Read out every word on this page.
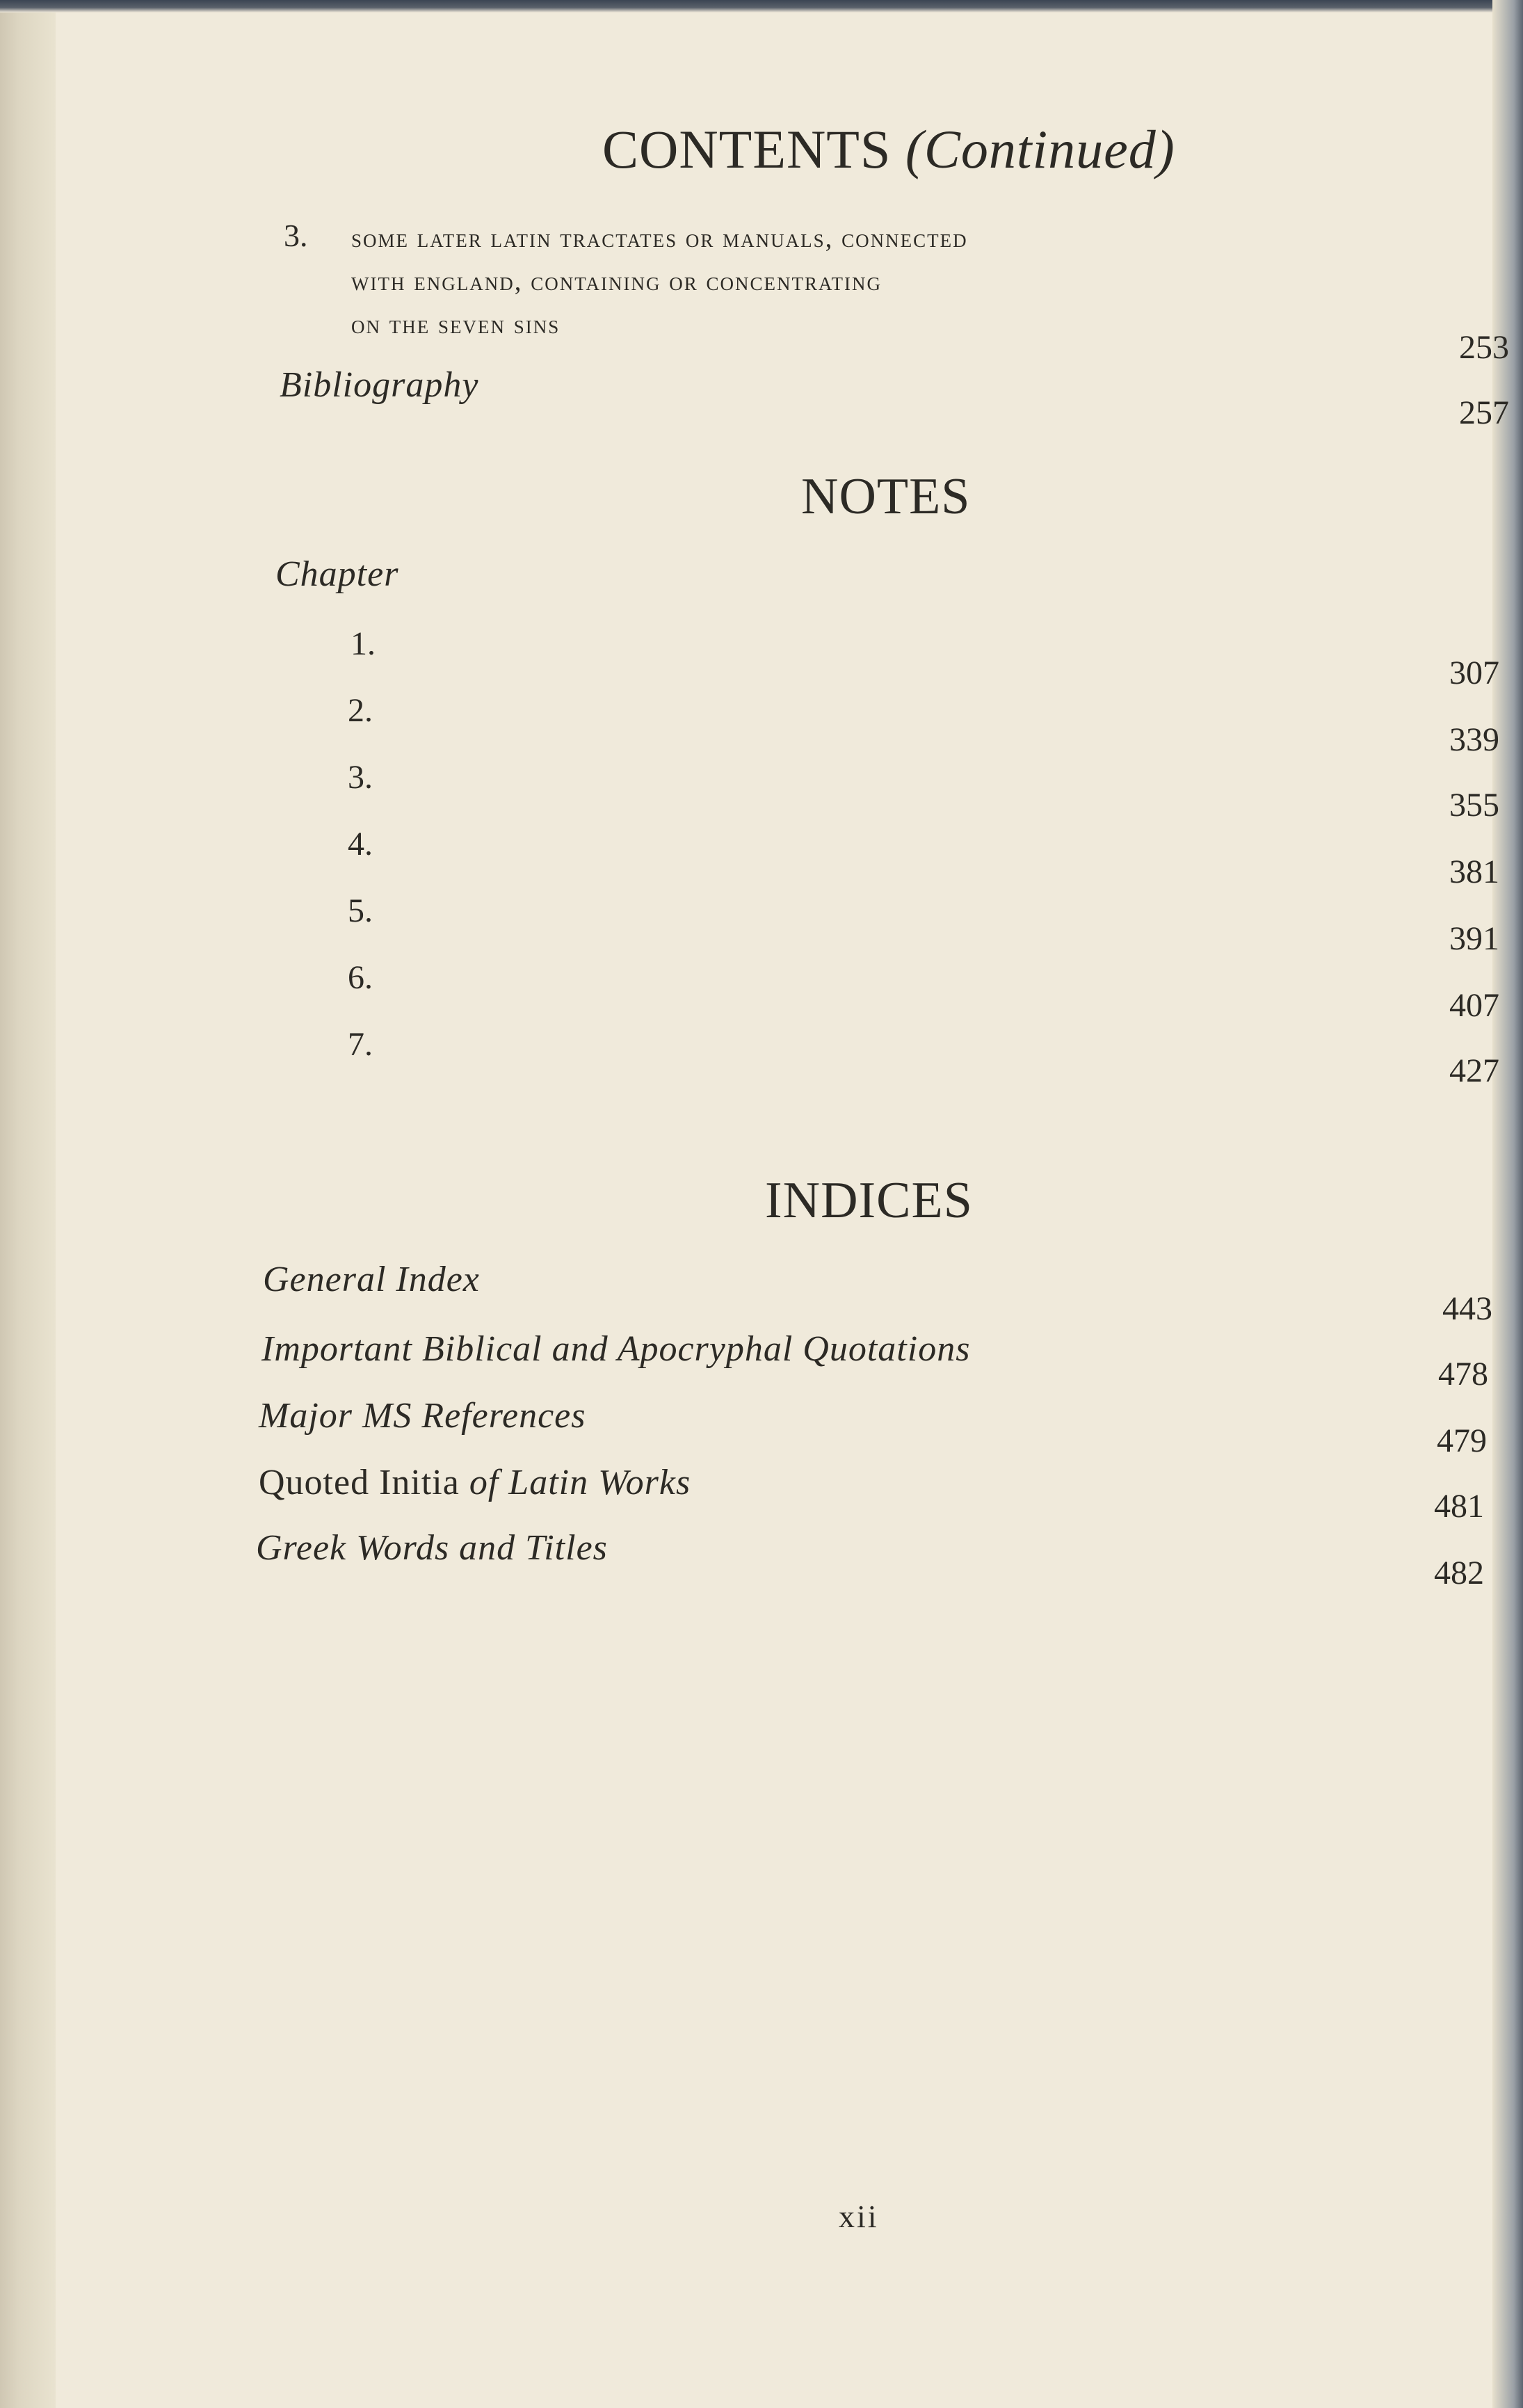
CONTENTS (Continued)
3. some later latin tractates or manuals, connected
with england, containing or concentrating
on the seven sins
253
Bibliography
257
NOTES
Chapter
1.
307
2.
339
3.
355
4.
381
5.
391
6.
407
7.
427
INDICES
General Index
443
Important Biblical and Apocryphal Quotations
478
Major MS References
479
Quoted Initia of Latin Works
481
Greek Words and Titles
482
xii
